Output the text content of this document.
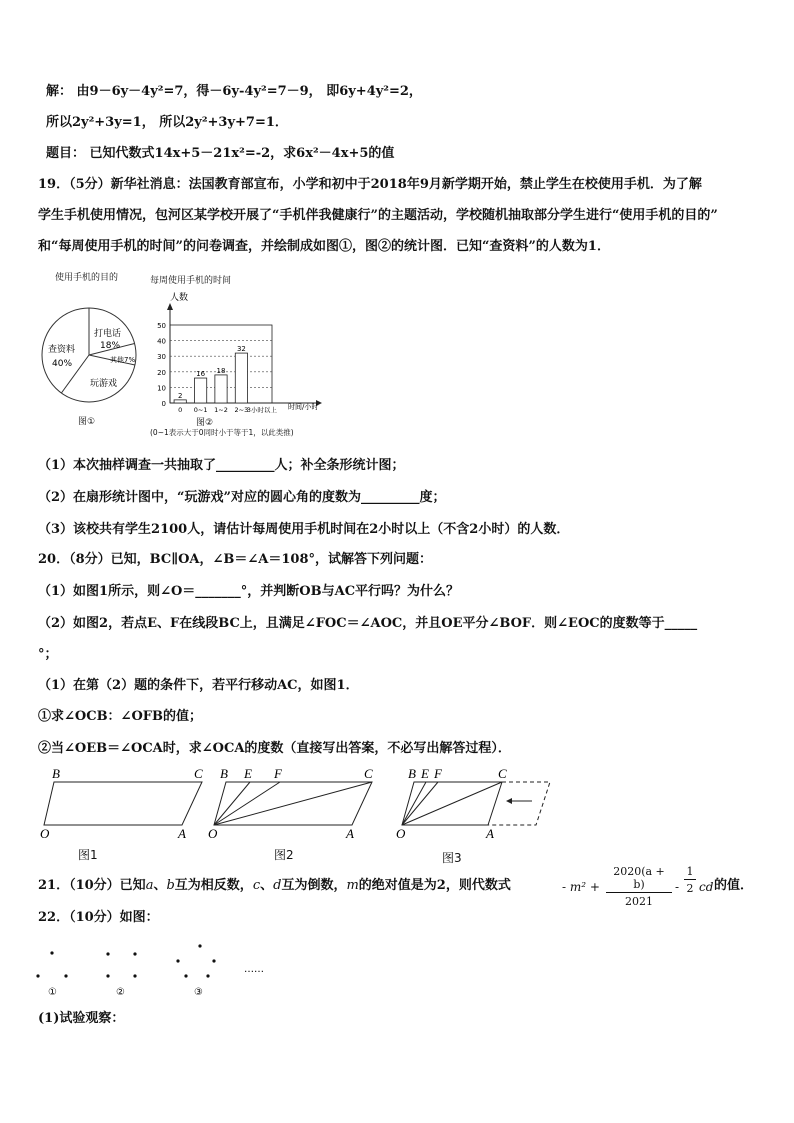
解： 由9－6y－4y²=7，得－6y-4y²=7－9， 即6y+4y²=2，
所以2y²+3y=1， 所以2y²+3y+7=1．
题目： 已知代数式14x+5－21x²=-2，求6x²－4x+5的值
19．（5分）新华社消息：法国教育部宣布，小学和初中于2018年9月新学期开始，禁止学生在校使用手机．为了解
学生手机使用情况，包河区某学校开展了“手机伴我健康行”的主题活动，学校随机抽取部分学生进行“使用手机的目的”
和“每周使用手机的时间”的问卷调查，并绘制成如图①，图②的统计图．已知“查资料”的人数为1．
使用手机的目的
查资料
40%
打电话
18%
其他 7%
玩游戏
图①
每周使用手机的时间
人数
0
10
20
30
40
50
2
16 18
32
0 0~1 1~2 2~3
3小时以上 时间/小时
图②
(0~1表示大于0同时小于等于1，以此类推)
（1）本次抽样调查一共抽取了_________人；补全条形统计图；
（2）在扇形统计图中，“玩游戏”对应的圆心角的度数为_________度；
（3）该校共有学生2100人，请估计每周使用手机时间在2小时以上（不含2小时）的人数．
20．（8分）已知，BC∥OA，∠B＝∠A＝108°，试解答下列问题：
（1）如图1所示，则∠O＝_______°，并判断OB与AC平行吗？为什么？
（2）如图2，若点E、F在线段BC上，且满足∠FOC＝∠AOC，并且OE平分∠BOF．则∠EOC的度数等于_____
°；
（1）在第（2）题的条件下，若平行移动AC，如图1．
①求∠OCB：∠OFB的值；
②当∠OEB＝∠OCA时，求∠OCA的度数（直接写出答案，不必写出解答过程）．
B	C
O	A
图1
B E F	C
O	A
图2
B E F	C
O	A
图3
21．（10分）已知a、b互为相反数，c、d互为倒数，m的绝对值是为2，则代数式	- $m^2 + \frac{2020(a + b)}{2021} - \frac{1}{2}$ cd 的值．
22．（10分）如图：
①	②	③
……
(1)试验观察：
